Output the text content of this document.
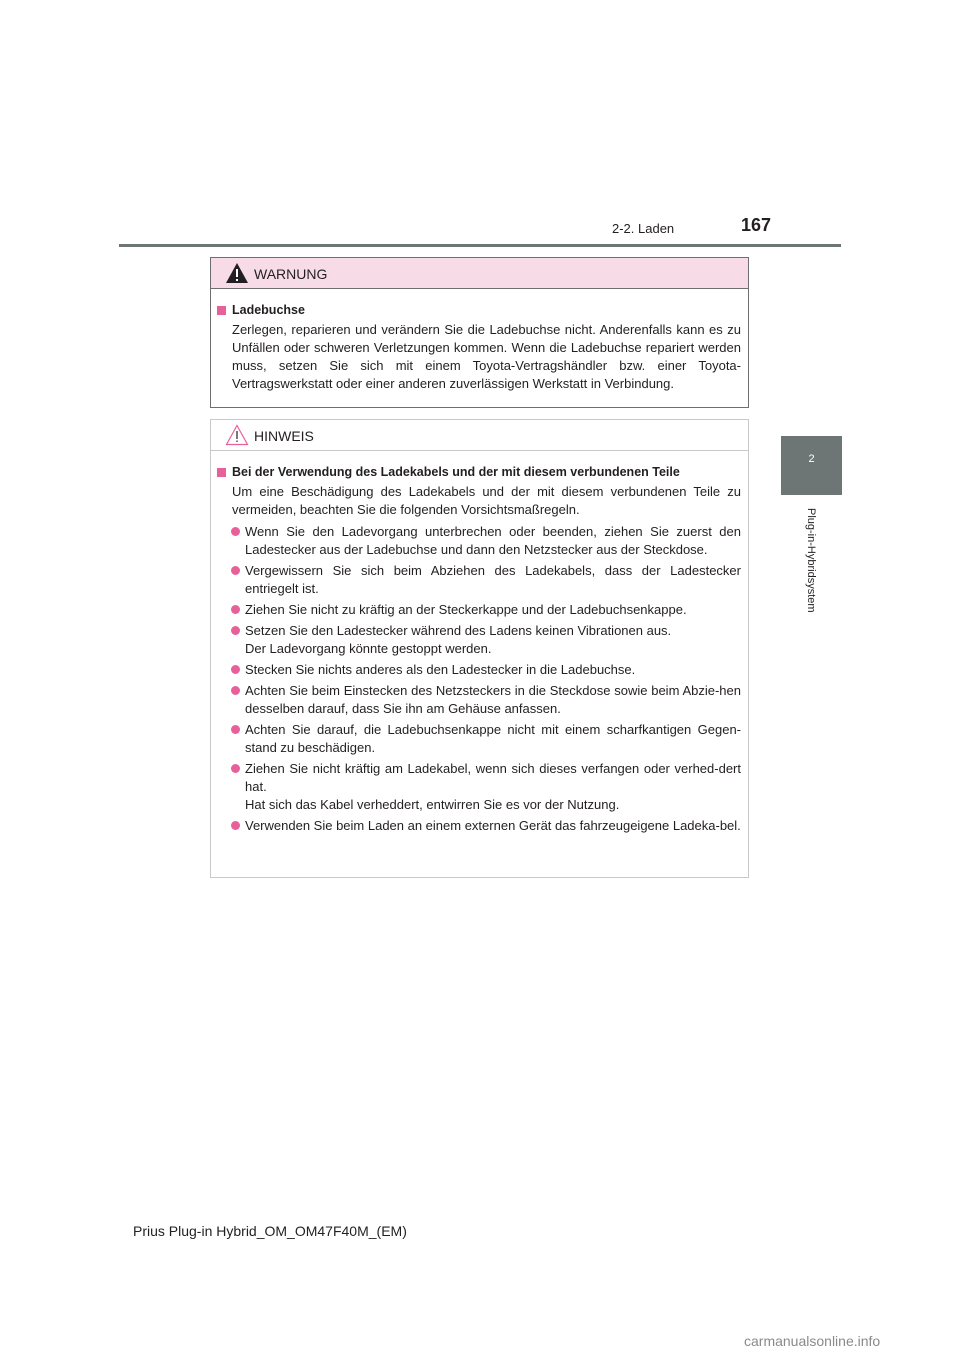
2-2. Laden	167
2
Plug-in-Hybridsystem
WARNUNG

Ladebuchse

Zerlegen, reparieren und verändern Sie die Ladebuchse nicht. Anderenfalls kann es zu Unfällen oder schweren Verletzungen kommen. Wenn die Ladebuchse repariert werden muss, setzen Sie sich mit einem Toyota-Vertragshändler bzw. einer Toyota-Vertragswerkstatt oder einer anderen zuverlässigen Werkstatt in Verbindung.

HINWEIS

Bei der Verwendung des Ladekabels und der mit diesem verbundenen Teile

Um eine Beschädigung des Ladekabels und der mit diesem verbundenen Teile zu vermeiden, beachten Sie die folgenden Vorsichtsmaßregeln.

Wenn Sie den Ladevorgang unterbrechen oder beenden, ziehen Sie zuerst den Ladestecker aus der Ladebuchse und dann den Netzstecker aus der Steckdose.
Vergewissern Sie sich beim Abziehen des Ladekabels, dass der Ladestecker entriegelt ist.
Ziehen Sie nicht zu kräftig an der Steckerkappe und der Ladebuchsenkappe.
Setzen Sie den Ladestecker während des Ladens keinen Vibrationen aus.
Der Ladevorgang könnte gestoppt werden.
Stecken Sie nichts anderes als den Ladestecker in die Ladebuchse.
Achten Sie beim Einstecken des Netzsteckers in die Steckdose sowie beim Abzie-hen desselben darauf, dass Sie ihn am Gehäuse anfassen.
Achten Sie darauf, die Ladebuchsenkappe nicht mit einem scharfkantigen Gegen-stand zu beschädigen.
Ziehen Sie nicht kräftig am Ladekabel, wenn sich dieses verfangen oder verhed-dert hat.
Hat sich das Kabel verheddert, entwirren Sie es vor der Nutzung.
Verwenden Sie beim Laden an einem externen Gerät das fahrzeugeigene Ladeka-bel.
Prius Plug-in Hybrid_OM_OM47F40M_(EM)
carmanualsonline.info
